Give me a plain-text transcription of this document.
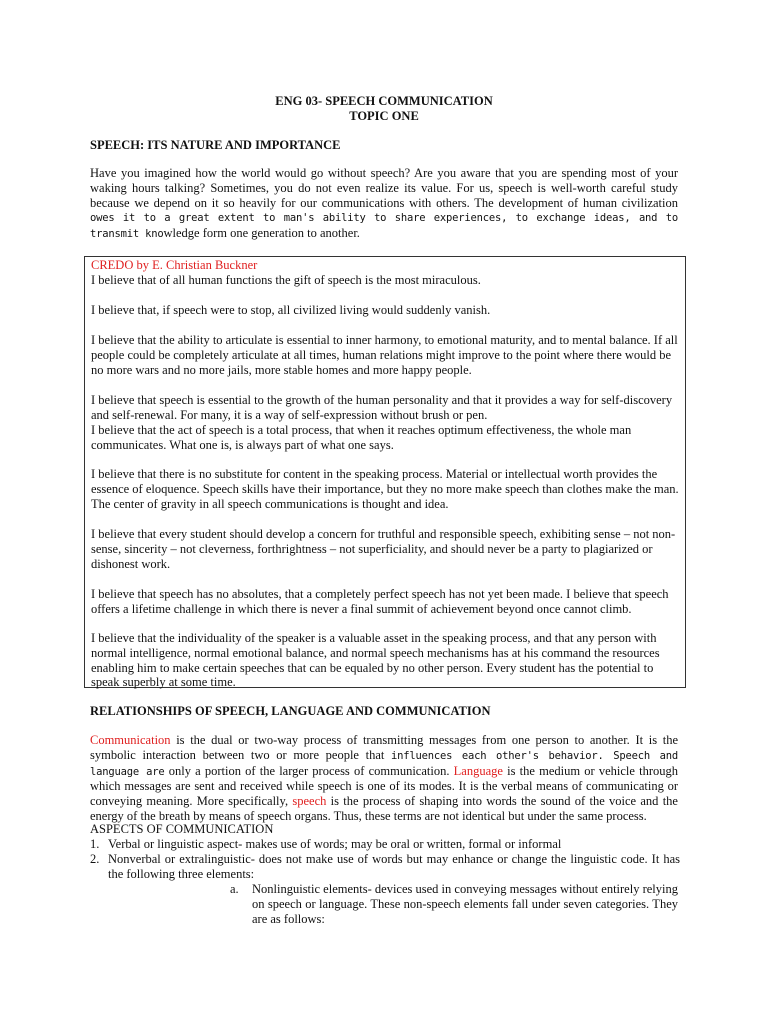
ENG 03- SPEECH COMMUNICATION
TOPIC ONE
SPEECH: ITS NATURE AND IMPORTANCE
Have you imagined how the world would go without speech? Are you aware that you are spending most of your waking hours talking? Sometimes, you do not even realize its value. For us, speech is well-worth careful study because we depend on it so heavily for our communications with others. The development of human civilization owes it to a great extent to man's ability to share experiences, to exchange ideas, and to transmit knowledge form one generation to another.
CREDO by E. Christian Buckner
I believe that of all human functions the gift of speech is the most miraculous.
I believe that, if speech were to stop, all civilized living would suddenly vanish.
I believe that the ability to articulate is essential to inner harmony, to emotional maturity, and to mental balance. If all people could be completely articulate at all times, human relations might improve to the point where there would be no more wars and no more jails, more stable homes and more happy people.
I believe that speech is essential to the growth of the human personality and that it provides a way for self-discovery and self-renewal. For many, it is a way of self-expression without brush or pen.
I believe that the act of speech is a total process, that when it reaches optimum effectiveness, the whole man communicates. What one is, is always part of what one says.
I believe that there is no substitute for content in the speaking process. Material or intellectual worth provides the essence of eloquence. Speech skills have their importance, but they no more make speech than clothes make the man. The center of gravity in all speech communications is thought and idea.
I believe that every student should develop a concern for truthful and responsible speech, exhibiting sense – not non-sense, sincerity – not cleverness, forthrightness – not superficiality, and should never be a party to plagiarized or dishonest work.
I believe that speech has no absolutes, that a completely perfect speech has not yet been made. I believe that speech offers a lifetime challenge in which there is never a final summit of achievement beyond once cannot climb.
I believe that the individuality of the speaker is a valuable asset in the speaking process, and that any person with normal intelligence, normal emotional balance, and normal speech mechanisms has at his command the resources enabling him to make certain speeches that can be equaled by no other person. Every student has the potential to speak superbly at some time.
RELATIONSHIPS OF SPEECH, LANGUAGE AND COMMUNICATION
Communication is the dual or two-way process of transmitting messages from one person to another. It is the symbolic interaction between two or more people that influences each other's behavior. Speech and language are only a portion of the larger process of communication. Language is the medium or vehicle through which messages are sent and received while speech is one of its modes. It is the verbal means of communicating or conveying meaning. More specifically, speech is the process of shaping into words the sound of the voice and the energy of the breath by means of speech organs. Thus, these terms are not identical but under the same process.
ASPECTS OF COMMUNICATION
1. Verbal or linguistic aspect- makes use of words; may be oral or written, formal or informal
2. Nonverbal or extralinguistic- does not make use of words but may enhance or change the linguistic code. It has the following three elements:
a. Nonlinguistic elements- devices used in conveying messages without entirely relying on speech or language. These non-speech elements fall under seven categories. They are as follows:
